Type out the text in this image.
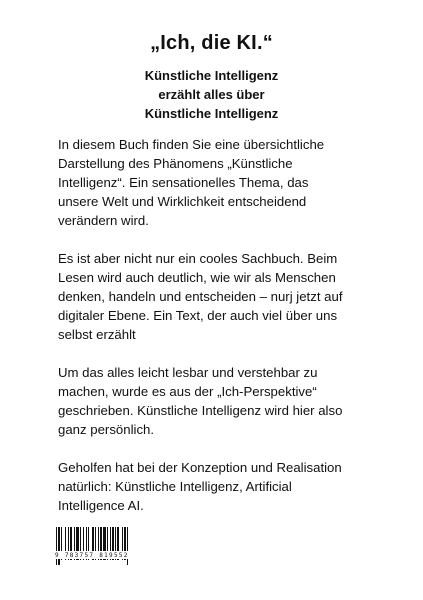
„Ich, die KI.“
Künstliche Intelligenz
erzählt alles über
Künstliche Intelligenz

In diesem Buch finden Sie eine übersichtliche
Darstellung des Phänomens „Künstliche
Intelligenz“. Ein sensationelles Thema, das
unsere Welt und Wirklichkeit entscheidend
verändern wird.

Es ist aber nicht nur ein cooles Sachbuch. Beim
Lesen wird auch deutlich, wie wir als Menschen
denken, handeln und entscheiden – nurj jetzt auf
digitaler Ebene. Ein Text, der auch viel über uns
selbst erzählt

Um das alles leicht lesbar und verstehbar zu
machen, wurde es aus der „Ich-Perspektive“
geschrieben. Künstliche Intelligenz wird hier also
ganz persönlich.

Geholfen hat bei der Konzeption und Realisation
natürlich: Künstliche Intelligenz, Artificial
Intelligence AI.

9 783757 819552
